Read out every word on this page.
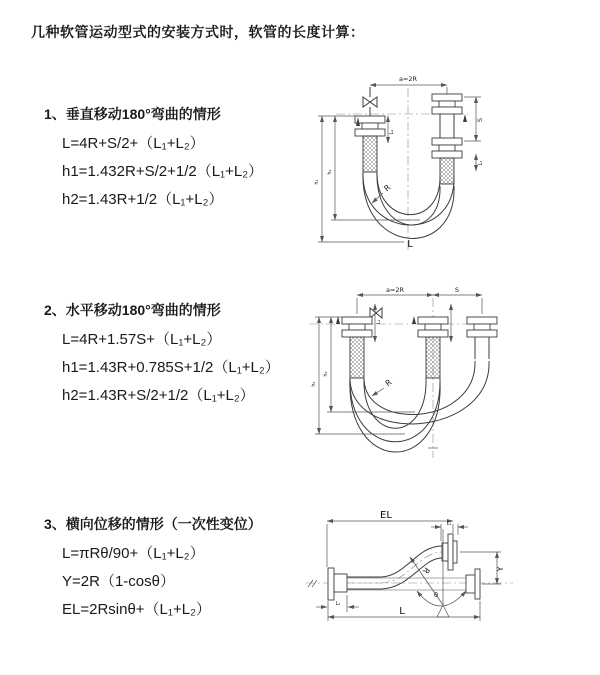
几种软管运动型式的安装方式时，软管的长度计算：
1、垂直移动180°弯曲的情形
L=4R+S/2+（L₁+L₂）
h1=1.432R+S/2+1/2（L₁+L₂）
h2=1.43R+1/2（L₁+L₂）
2、水平移动180°弯曲的情形
L=4R+1.57S+（L₁+L₂）
h1=1.43R+0.785S+1/2（L₁+L₂）
h2=1.43R+S/2+1/2（L₁+L₂）
3、横向位移的情形（一次性变位）
L=πRθ/90+（L₁+L₂）
Y=2R（1-cosθ）
EL=2Rsinθ+（L₁+L₂）
a=2R
L₁
S
L₁
R
h₁
h₂
L
a=2R	S
L₁
R
h₁
h₂
EL
L₁
R
θ
Y
L₁
L
